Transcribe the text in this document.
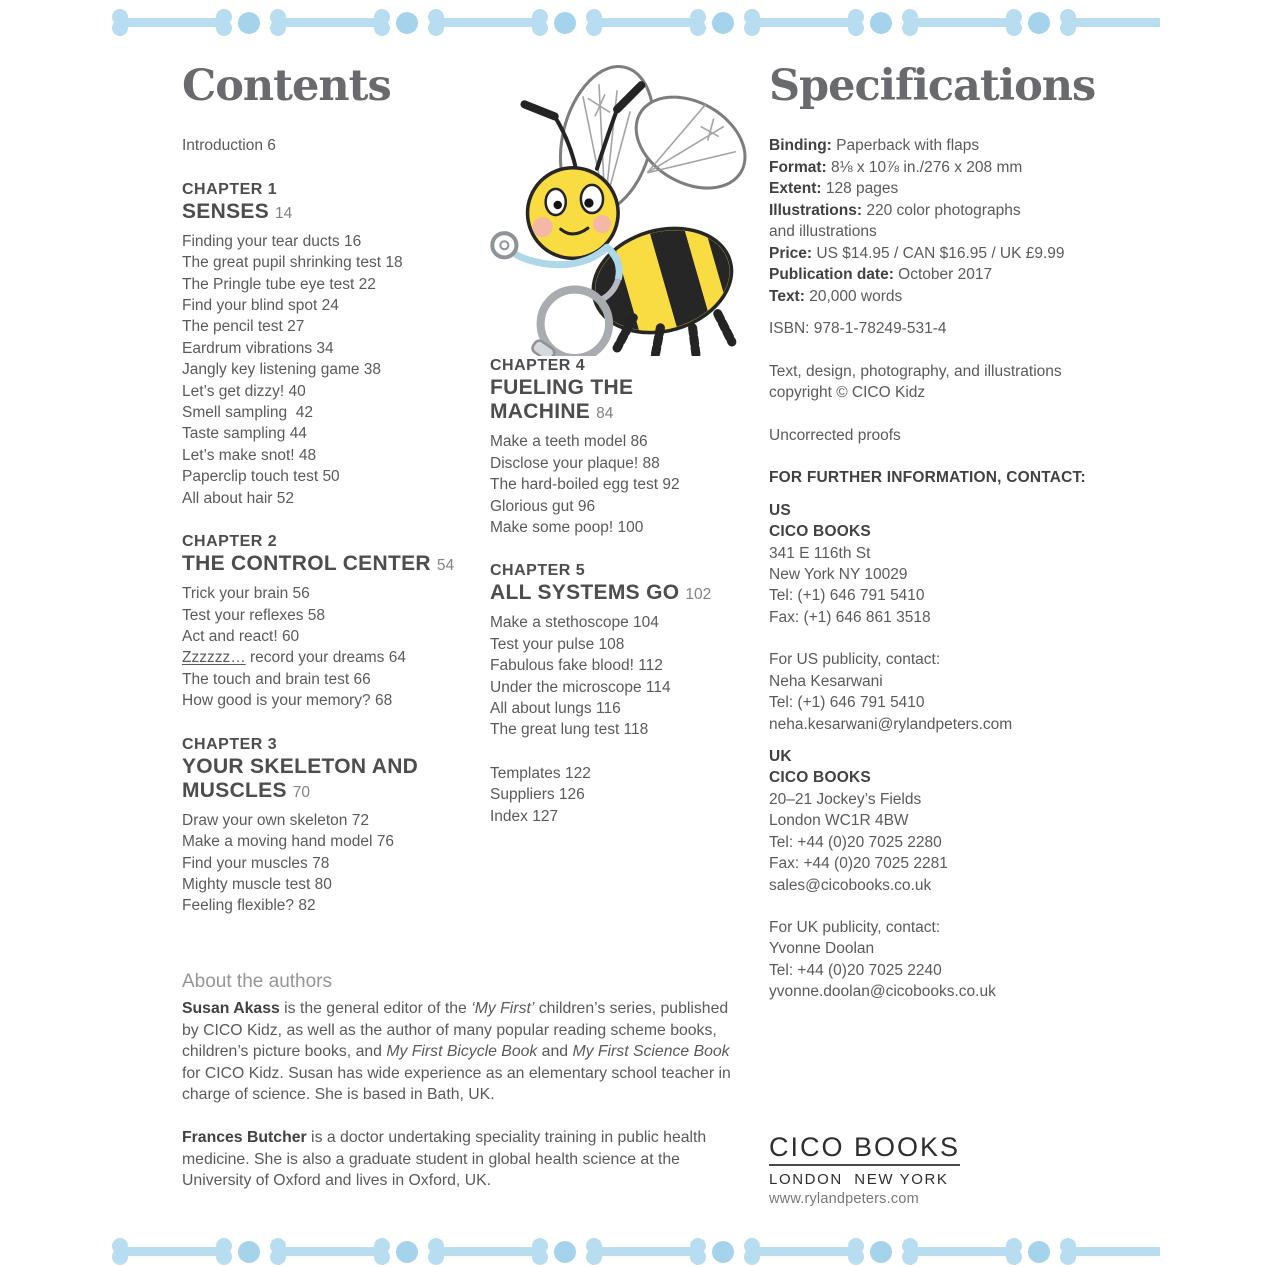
Contents
Introduction 6
CHAPTER 1
SENSES 14
Finding your tear ducts 16
The great pupil shrinking test 18
The Pringle tube eye test 22
Find your blind spot 24
The pencil test 27
Eardrum vibrations 34
Jangly key listening game 38
Let’s get dizzy! 40
Smell sampling  42
Taste sampling 44
Let’s make snot! 48
Paperclip touch test 50
All about hair 52
CHAPTER 2
THE CONTROL CENTER 54
Trick your brain 56
Test your reflexes 58
Act and react! 60
Zzzzzz… record your dreams 64
The touch and brain test 66
How good is your memory? 68
CHAPTER 3
YOUR SKELETON AND MUSCLES 70
Draw your own skeleton 72
Make a moving hand model 76
Find your muscles 78
Mighty muscle test 80
Feeling flexible? 82
CHAPTER 4
FUELING THE MACHINE 84
Make a teeth model 86
Disclose your plaque! 88
The hard-boiled egg test 92
Glorious gut 96
Make some poop! 100
CHAPTER 5
ALL SYSTEMS GO 102
Make a stethoscope 104
Test your pulse 108
Fabulous fake blood! 112
Under the microscope 114
All about lungs 116
The great lung test 118
Templates 122
Suppliers 126
Index 127
Specifications
Binding: Paperback with flaps
Format: 8⅛ x 10⅞ in./276 x 208 mm
Extent: 128 pages
Illustrations: 220 color photographs
and illustrations
Price: US $14.95 / CAN $16.95 / UK £9.99
Publication date: October 2017
Text: 20,000 words
ISBN: 978-1-78249-531-4
Text, design, photography, and illustrations
copyright © CICO Kidz
Uncorrected proofs
FOR FURTHER INFORMATION, CONTACT:
US
CICO BOOKS
341 E 116th St
New York NY 10029
Tel: (+1) 646 791 5410
Fax: (+1) 646 861 3518
For US publicity, contact:
Neha Kesarwani
Tel: (+1) 646 791 5410
neha.kesarwani@rylandpeters.com
UK
CICO BOOKS
20–21 Jockey’s Fields
London WC1R 4BW
Tel: +44 (0)20 7025 2280
Fax: +44 (0)20 7025 2281
sales@cicobooks.co.uk
For UK publicity, contact:
Yvonne Doolan
Tel: +44 (0)20 7025 2240
yvonne.doolan@cicobooks.co.uk
About the authors

Susan Akass is the general editor of the ‘My First’ children’s series, published by CICO Kidz, as well as the author of many popular reading scheme books, children’s picture books, and My First Bicycle Book and My First Science Book for CICO Kidz. Susan has wide experience as an elementary school teacher in charge of science. She is based in Bath, UK.

Frances Butcher is a doctor undertaking speciality training in public health medicine. She is also a graduate student in global health science at the University of Oxford and lives in Oxford, UK.

CICO BOOKS
LONDON  NEW YORK
www.rylandpeters.com
